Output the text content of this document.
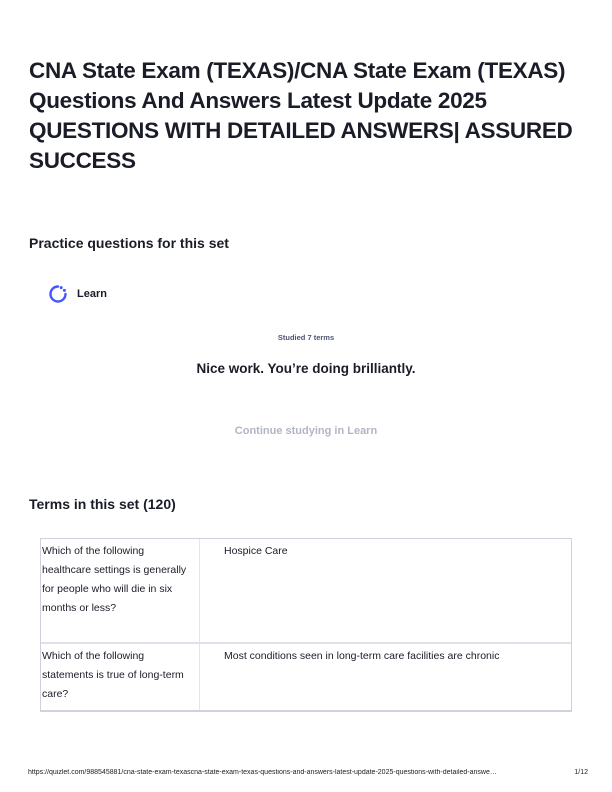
CNA State Exam (TEXAS)/CNA State Exam (TEXAS) Questions And Answers Latest Update 2025 QUESTIONS WITH DETAILED ANSWERS| ASSURED SUCCESS
Practice questions for this set
Learn
Studied 7 terms
Nice work. You’re doing brilliantly.
Continue studying in Learn
Terms in this set (120)
Which of the following healthcare settings is generally for people who will die in six months or less?
Hospice Care
Which of the following statements is true of long-term care?
Most conditions seen in long-term care facilities are chronic
https://quizlet.com/988545881/cna-state-exam-texascna-state-exam-texas-questions-and-answers-latest-update-2025-questions-with-detailed-answe…	1/12
